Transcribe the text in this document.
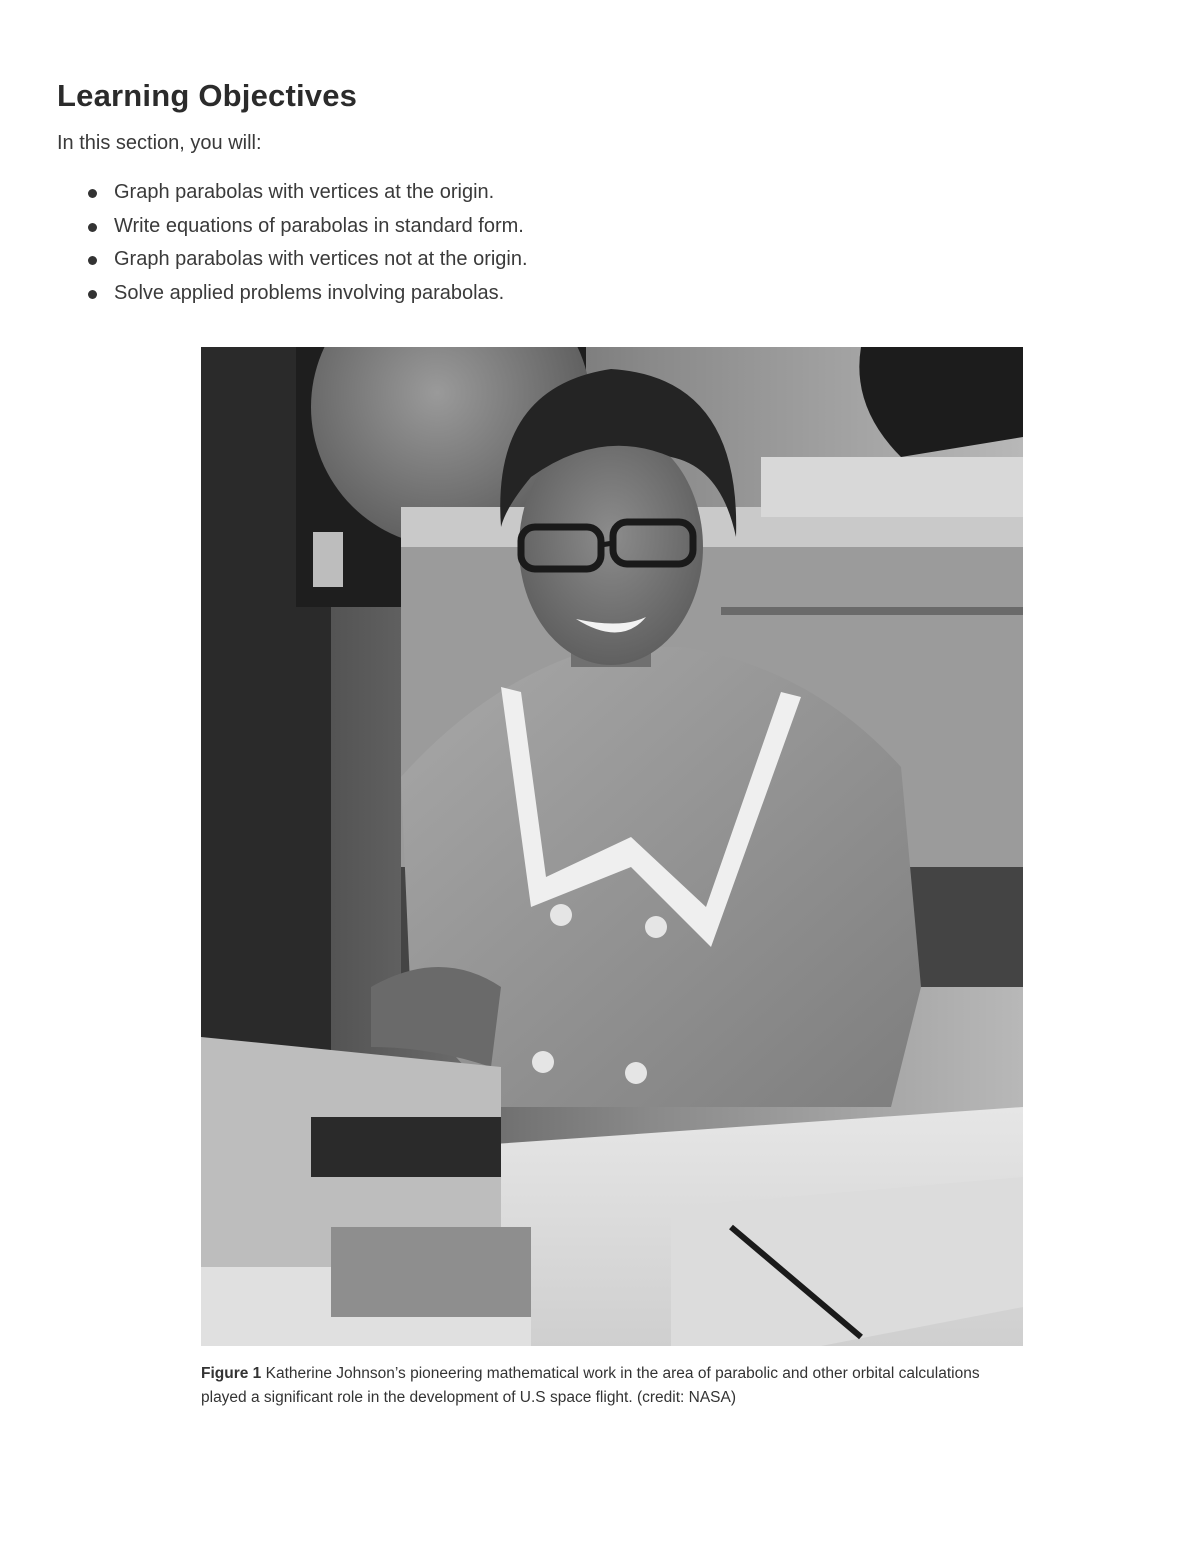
Learning Objectives

In this section, you will:

Graph parabolas with vertices at the origin.
Write equations of parabolas in standard form.
Graph parabolas with vertices not at the origin.
Solve applied problems involving parabolas.

Figure 1 Katherine Johnson’s pioneering mathematical work in the area of parabolic and other orbital calculations played a significant role in the development of U.S space flight. (credit: NASA)
